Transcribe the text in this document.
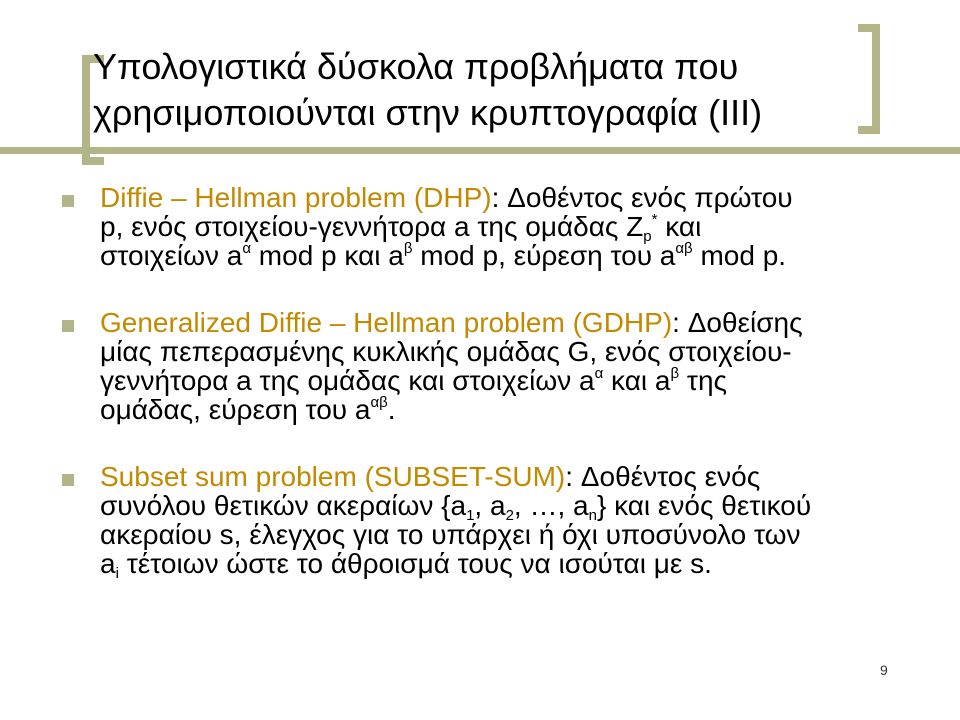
Υπολογιστικά δύσκολα προβλήματα που
χρησιμοποιούνται στην κρυπτογραφία (ΙΙΙ)
Diffie – Hellman problem (DHP): Δοθέντος ενός πρώτου
p, ενός στοιχείου-γεννήτορα a της ομάδας $Z_p^*$ και
στοιχείων $a^\alpha$ mod p και $a^\beta$ mod p, εύρεση του $a^{\alpha\beta}$ mod p.
Generalized Diffie – Hellman problem (GDHP): Δοθείσης
μίας πεπερασμένης κυκλικής ομάδας G, ενός στοιχείου-
γεννήτορα a της ομάδας και στοιχείων $a^\alpha$ και $a^\beta$ της
ομάδας, εύρεση του $a^{\alpha\beta}$.
Subset sum problem (SUBSET-SUM): Δοθέντος ενός
συνόλου θετικών ακεραίων {$a_1$, $a_2$, …, $a_n$} και ενός θετικού
ακεραίου s, έλεγχος για το υπάρχει ή όχι υποσύνολο των
$a_i$ τέτοιων ώστε το άθροισμά τους να ισούται με s.
9
